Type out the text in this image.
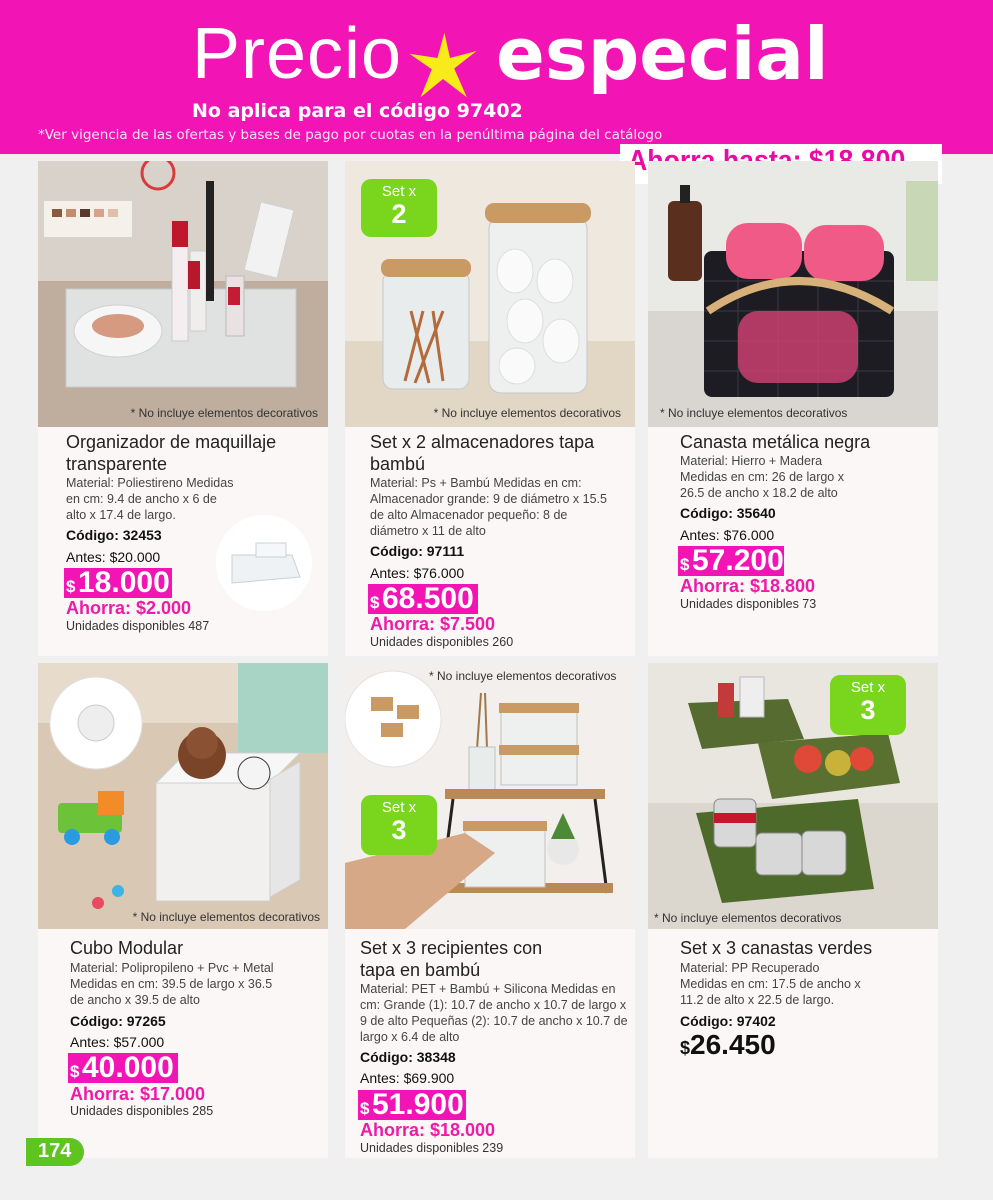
Precio especial
No aplica para el código 97402
*Ver vigencia de las ofertas y bases de pago por cuotas en la penúltima página del catálogo
* No incluye elementos decorativos
Organizador de maquillaje transparente
Material: Poliestireno Medidas en cm: 9.4 de ancho x 6 de alto x 17.4 de largo.
Código: 32453
Antes: $20.000
$ 18.000
Ahorra: $2.000
Unidades disponibles 487
* No incluye elementos decorativos
Set x
2
Set x 2 almacenadores tapa bambú
Material: Ps + Bambú Medidas en cm: Almacenador grande: 9 de diámetro x 15.5 de alto Almacenador pequeño: 8 de diámetro x 11 de alto
Código: 97111
Antes: $76.000
$ 68.500
Ahorra: $7.500
Unidades disponibles 260
* No incluye elementos decorativos
Canasta metálica negra
Material: Hierro + Madera Medidas en cm: 26 de largo x 26.5 de ancho x 18.2 de alto
Código: 35640
Antes: $76.000
$ 57.200
Ahorra: $18.800
Unidades disponibles 73
* No incluye elementos decorativos
Cubo Modular
Material: Polipropileno + Pvc + Metal Medidas en cm: 39.5 de largo x 36.5 de ancho x 39.5 de alto
Código: 97265
Antes: $57.000
$ 40.000
Ahorra: $17.000
Unidades disponibles 285
* No incluye elementos decorativos
Set x
3
Set x 3 recipientes con tapa en bambú
Material: PET + Bambú + Silicona Medidas en cm: Grande (1): 10.7 de ancho x 10.7 de largo x 9 de alto Pequeñas (2): 10.7 de ancho x 10.7 de largo x 6.4 de alto
Código: 38348
Antes: $69.900
$ 51.900
Ahorra: $18.000
Unidades disponibles 239
* No incluye elementos decorativos
Set x
3
Set x 3 canastas verdes
Material: PP Recuperado Medidas en cm: 17.5 de ancho x 11.2 de alto x 22.5 de largo.
Código: 97402
$26.450
174
